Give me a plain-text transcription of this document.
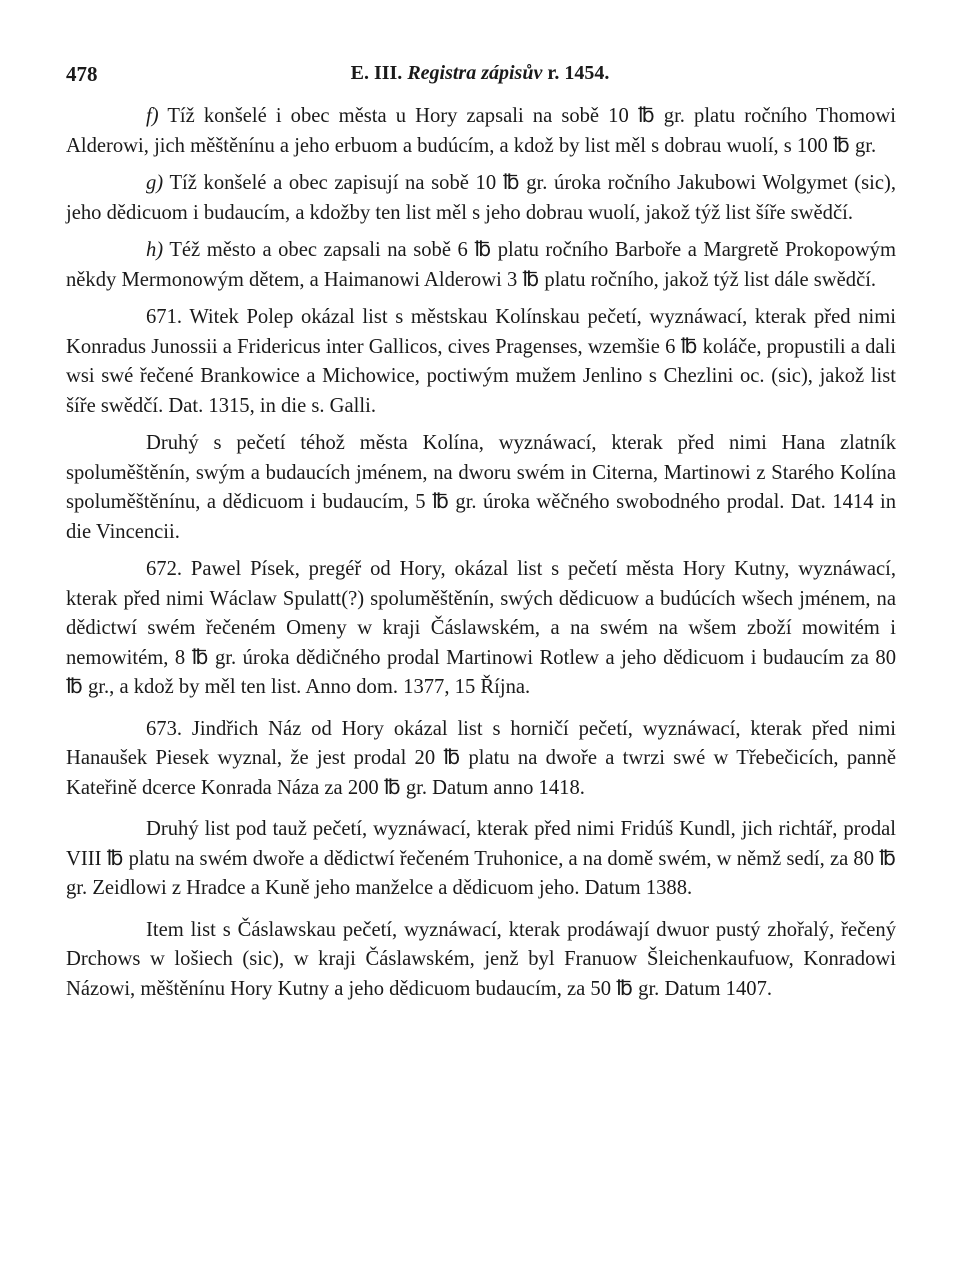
478	E. III. Registra zápisův r. 1454.

f) Tíž konšelé i obec města u Hory zapsali na sobě 10 ℔ gr. platu ročního Thomowi Alderowi, jich měštěnínu a jeho erbuom a budúcím, a kdož by list měl s dobrau wuolí, s 100 ℔ gr.

g) Tíž konšelé a obec zapisují na sobě 10 ℔ gr. úroka ročního Jakubowi Wolgymet (sic), jeho dědicuom i budaucím, a kdožby ten list měl s jeho dobrau wuolí, jakož týž list šíře swědčí.

h) Též město a obec zapsali na sobě 6 ℔ platu ročního Barboře a Margretě Prokopowým někdy Mermonowým dětem, a Haimanowi Alderowi 3 ℔ platu ročního, jakož týž list dále swědčí.

671. Witek Polep okázal list s městskau Kolínskau pečetí, wyznáwací, kterak před nimi Konradus Junossii a Fridericus inter Gallicos, cives Pragenses, wzemšie 6 ℔ koláče, propustili a dali wsi swé řečené Brankowice a Michowice, poctiwým mužem Jenlino s Chezlini oc. (sic), jakož list šíře swědčí. Dat. 1315, in die s. Galli.

Druhý s pečetí téhož města Kolína, wyznáwací, kterak před nimi Hana zlatník spoluměštěnín, swým a budaucích jménem, na dworu swém in Citerna, Martinowi z Starého Kolína spoluměštěnínu, a dědicuom i budaucím, 5 ℔ gr. úroka wěčného swobodného prodal. Dat. 1414 in die Vincencii.

672. Pawel Písek, pregéř od Hory, okázal list s pečetí města Hory Kutny, wyznáwací, kterak před nimi Wáclaw Spulatt(?) spoluměštěnín, swých dědicuow a budúcích wšech jménem, na dědictwí swém řečeném Omeny w kraji Čáslawském, a na swém na wšem zboží mowitém i nemowitém, 8 ℔ gr. úroka dědičného prodal Martinowi Rotlew a jeho dědicuom i budaucím za 80 ℔ gr., a kdož by měl ten list. Anno dom. 1377, 15 Října.

673. Jindřich Náz od Hory okázal list s horničí pečetí, wyznáwací, kterak před nimi Hanaušek Piesek wyznal, že jest prodal 20 ℔ platu na dwoře a twrzi swé w Třebečicích, panně Kateřině dcerce Konrada Náza za 200 ℔ gr. Datum anno 1418.

Druhý list pod tauž pečetí, wyznáwací, kterak před nimi Fridúš Kundl, jich richtář, prodal VIII ℔ platu na swém dwoře a dědictwí řečeném Truhonice, a na domě swém, w němž sedí, za 80 ℔ gr. Zeidlowi z Hradce a Kuně jeho manželce a dědicuom jeho. Datum 1388.

Item list s Čáslawskau pečetí, wyznáwací, kterak prodáwají dwuor pustý zhořalý, řečený Drchows w lošiech (sic), w kraji Čáslawském, jenž byl Franuow Šleichenkaufuow, Konradowi Názowi, měštěnínu Hory Kutny a jeho dědicuom budaucím, za 50 ℔ gr. Datum 1407.
